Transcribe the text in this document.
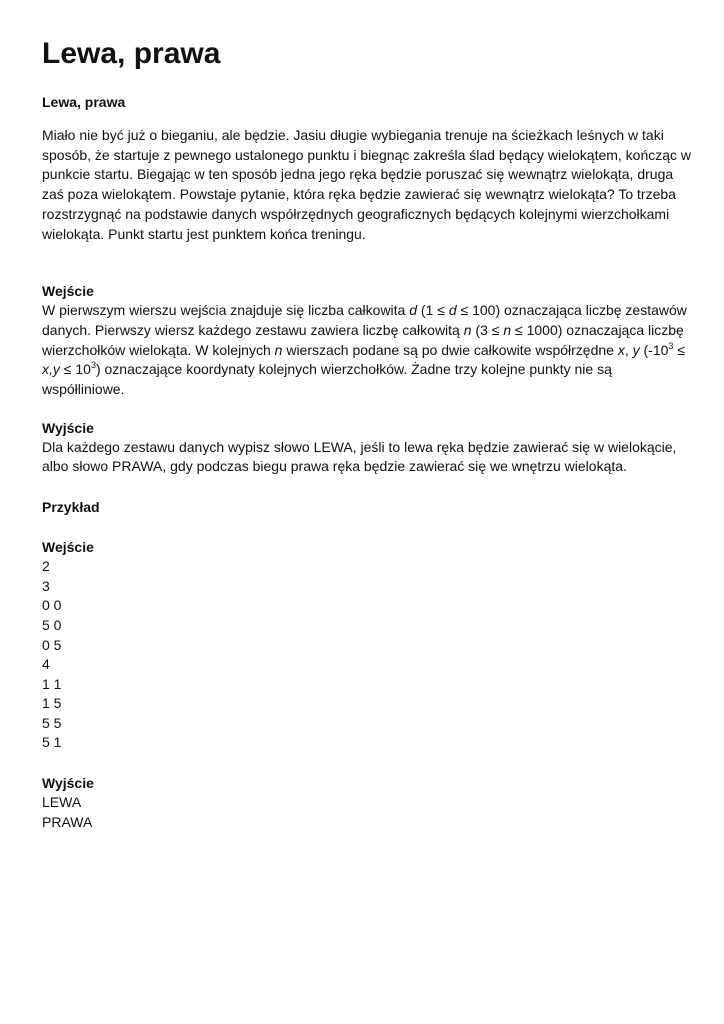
Lewa, prawa
Lewa, prawa

Miało nie być już o bieganiu, ale będzie. Jasiu długie wybiegania trenuje na ścieżkach leśnych w taki sposób, że startuje z pewnego ustalonego punktu i biegnąc zakreśla ślad będący wielokątem, kończąc w punkcie startu. Biegając w ten sposób jedna jego ręka będzie poruszać się wewnątrz wielokąta, druga zaś poza wielokątem. Powstaje pytanie, która ręka będzie zawierać się wewnątrz wielokąta? To trzeba rozstrzygnąć na podstawie danych współrzędnych geograficznych będących kolejnymi wierzchołkami wielokąta. Punkt startu jest punktem końca treningu.

Wejście

W pierwszym wierszu wejścia znajduje się liczba całkowita d (1 ≤ d ≤ 100) oznaczająca liczbę zestawów danych. Pierwszy wiersz każdego zestawu zawiera liczbę całkowitą n (3 ≤ n ≤ 1000) oznaczająca liczbę wierzchołków wielokąta. W kolejnych n wierszach podane są po dwie całkowite współrzędne x, y $(-10^3 \le x,y \le 10^3)$ oznaczające koordynaty kolejnych wierzchołków. Żadne trzy kolejne punkty nie są współliniowe.

Wyjście

Dla każdego zestawu danych wypisz słowo LEWA, jeśli to lewa ręka będzie zawierać się w wielokącie, albo słowo PRAWA, gdy podczas biegu prawa ręka będzie zawierać się we wnętrzu wielokąta.

Przykład
Wejście
2
3
0 0
5 0
0 5
4
1 1
1 5
5 5
5 1
Wyjście
LEWA
PRAWA
